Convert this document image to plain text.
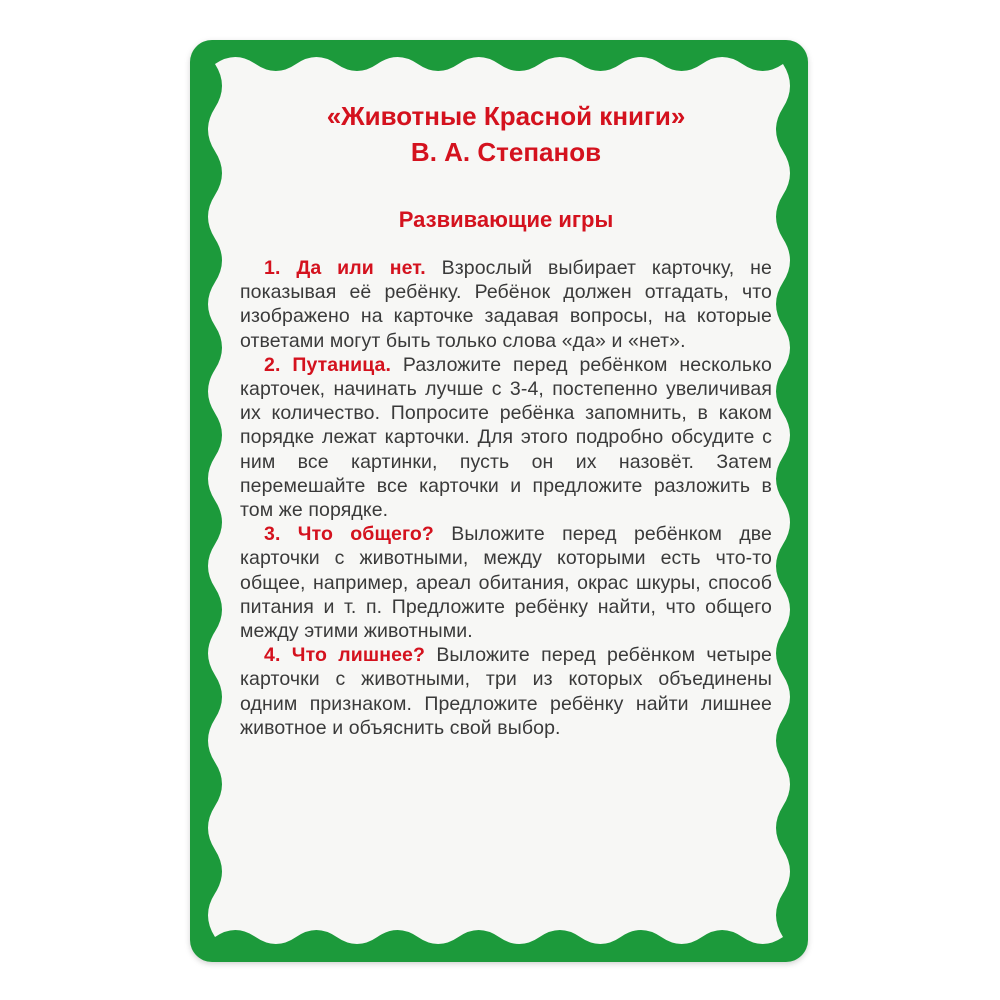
«Животные Красной книги»
В. А. Степанов

Развивающие игры

1. Да или нет. Взрослый выбирает карточку, не показывая её ребёнку. Ребёнок должен отгадать, что изображено на карточке задавая вопросы, на которые ответами могут быть только слова «да» и «нет».

2. Путаница. Разложите перед ребёнком несколько карточек, начинать лучше с 3-4, постепенно увеличивая их количество. Попросите ребёнка запомнить, в каком порядке лежат карточки. Для этого подробно обсудите с ним все картинки, пусть он их назовёт. Затем перемешайте все карточки и предложите разложить в том же порядке.

3. Что общего? Выложите перед ребёнком две карточки с животными, между которыми есть что-то общее, например, ареал обитания, окрас шкуры, способ питания и т. п. Предложите ребёнку найти, что общего между этими животными.

4. Что лишнее? Выложите перед ребёнком четыре карточки с животными, три из которых объединены одним признаком. Предложите ребёнку найти лишнее животное и объяснить свой выбор.
